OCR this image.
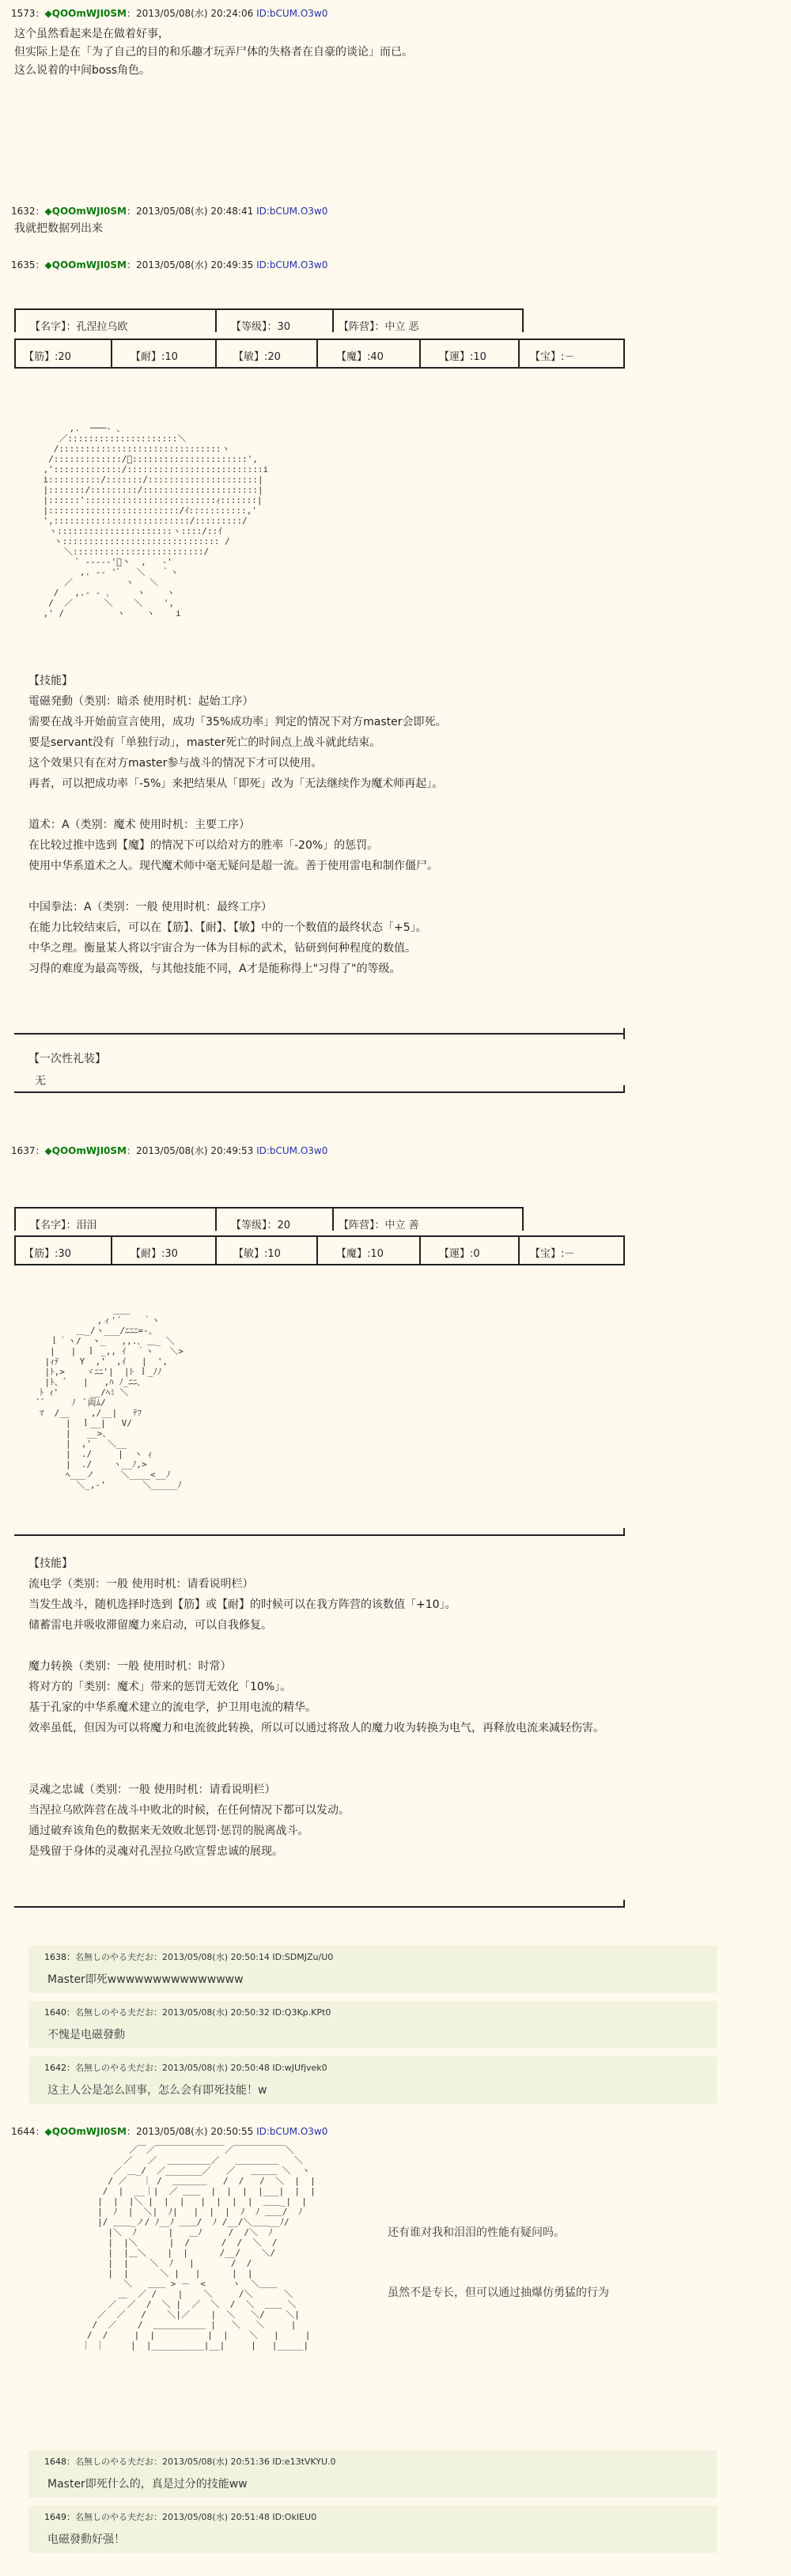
1573：◆QOOmWJI0SM：2013/05/08(水) 20:24:06 ID:bCUM.O3w0
这个虽然看起来是在做着好事，
但实际上是在「为了自己的目的和乐趣才玩弄尸体的失格者在自豪的谈论」而已。
这么说着的中间boss角色。
1632：◆QOOmWJI0SM：2013/05/08(水) 20:48:41 ID:bCUM.O3w0
我就把数据列出来
1635：◆QOOmWJI0SM：2013/05/08(水) 20:49:35 ID:bCUM.O3w0
【名字】：孔涅拉乌欧	【等级】：30	【阵营】：中立 恶
【筋】:20	【耐】:10	【敏】:20	【魔】:40	【運】:10	【宝】:－
,.  ───- 、
／:::::::::::::::::::::＼
/:::::::::::::::::::::::::::::::ヽ
/:::::::::::::/ﾞ::::::::::::::::::::::',
,':::::::::::::/::::::::::::::::::::::::::i
i::::::::::/:::::::/:::::::::::::::::::::|
|:::::::/:::::::::/::::::::::::::::::::::|
|::::::':::::::::::::::::::::::::ｨ:::::::|
|:::::::::::::::::::::::::/ｲ:::::::::::,'
',::::::::::::::::::::::::::/:::::::::/
ヽ::::::::::::::::::::::ヽ::::/::ｲ
ヽ:::::::::::::::::::::::::::::: /
＼:::::::::::::::::::::::::/
` ‐---‐'ﾞ丶  ,   -'
,. -‐ 'ﾞ   ＼   ｀ヽ
／          ヽ   ＼
/   ,.- ‐ ､     ヽ    ヽ
/  ／      ＼    ＼    ',
,' /          ヽ    ヽ    i
【技能】
電磁発動（类别：暗杀 使用时机：起始工序）
需要在战斗开始前宣言使用，成功「35%成功率」判定的情况下对方master会即死。
要是servant没有「单独行动」，master死亡的时间点上战斗就此结束。
这个效果只有在对方master参与战斗的情况下才可以使用。
再者，可以把成功率「-5%」来把结果从「即死」改为「无法继续作为魔术师再起」。
道术：A（类别：魔术 使用时机：主要工序）
在比较过推中选到【魔】的情况下可以给对方的胜率「-20%」的惩罚。
使用中华系道术之人。现代魔术师中毫无疑问是超一流。善于使用雷电和制作僵尸。
中国拳法：A（类别：一般 使用时机：最终工序）
在能力比较结束后，可以在【筋】、【耐】、【敏】中的一个数值的最终状态「+5」。
中华之理。衡量某人将以宇宙合为一体为目标的武术，钻研到何种程度的数值。
习得的难度为最高等级，与其他技能不同，A才是能称得上"习得了"的等级。
【一次性礼装】
无
1637：◆QOOmWJI0SM：2013/05/08(水) 20:49:53 ID:bCUM.O3w0
【名字】：泪泪	【等级】：20	【阵营】：中立 善
【筋】:30	【耐】:30	【敏】:10	【魔】:10	【運】:0	【宝】:－
＿＿
,ィ'´    ｀ヽ
＿_/ヽ___/ﾆﾆﾆ=-、
ｌ｀ヽ/  ヽ_   ,,.､ ＿_ ＼
|   |  ｌ _,, ｲ  ｀ヽ   ＼>
|ｨﾃ    Y  ,'  ,ｲ   |  ',
|ﾄ,>    ヾﾆﾆ'|  |ﾄ ｌ_ﾉﾉ
|ﾄ、ﾞ   |   ,ﾊ ﾉ_ﾆﾆ､
ﾄ ｨ'      __/ﾍﾐ ＼
ﾞﾞ     ﾉ  ﾞ両ﾑ/
ﾏ  /__    ,/__|   ﾃﾌ
|  ｌ__|   V/
|   __>、
|  ,'   ＼__
|  ./     |  ヽ ｨ
|  ./    ヽ__ﾉ,>
ﾍ___ノ     ＼____<__ﾉ
＼_,-'       ＼_____ﾉ
【技能】
流电学（类别：一般 使用时机：请看说明栏）
当发生战斗，随机选择时选到【筋】或【耐】的时候可以在我方阵营的该数值「+10」。
储蓄雷电并吸收滞留魔力来启动，可以自我修复。
魔力转换（类别：一般 使用时机：时常）
将对方的「类别：魔术」带来的惩罚无效化「10%」。
基于孔家的中华系魔术建立的流电学，护卫用电流的精华。
效率虽低，但因为可以将魔力和电流彼此转换，所以可以通过将敌人的魔力收为转换为电气，再释放电流来减轻伤害。
灵魂之忠诚（类别：一般 使用时机：请看说明栏）
当涅拉乌欧阵营在战斗中败北的时候，在任何情况下都可以发动。
通过破弃该角色的数据来无效败北惩罚·惩罚的脱离战斗。
是残留于身体的灵魂对孔涅拉乌欧宣誓忠诚的展现。
1638：名無しのやる夫だお：2013/05/08(水) 20:50:14 ID:SDMJZu/U0
Master即死wwwwwwwwwwwwwww
1640：名無しのやる夫だお：2013/05/08(水) 20:50:32 ID:Q3Kp.KPt0
不愧是电磁發動
1642：名無しのやる夫だお：2013/05/08(水) 20:50:48 ID:wJUfjvek0
这主人公是怎么回事，怎么会有即死技能！w
1644：◆QOOmWJI0SM：2013/05/08(水) 20:50:55 ID:bCUM.O3w0
／￣／￣￣￣￣￣￣￣￣／￣￣￣￣￣￣＼
／   ／  ＿＿＿＿＿／   ＿＿＿＿＿   ＼
／ ＿_/  ／_______／   ／   ＿＿＿ ＼  ヽ
/ ／   ｜ /  ＿＿＿＿   /  /   /  ＼  |  |
/  |  __｜|  ／ ＿＿  |  |  |  |___|  |  |
|  |  |＼ |  |  |   |  |  |  |  ＿＿_|  |
|  ﾉ  |  ＼|  ﾉ|   |  |  |  ﾉ  ﾉ ＿＿/  ﾉ
|/ ＿＿_ノ/ ﾉ__ﾉ ＿＿/  ﾉ /__/＼＿＿__ﾉ/
|＼  ﾉ      |   ＿ﾉ     /  /＼  ﾉ
|  |＼      |  /      /  /  ＼  /
|  |＿＼    |  |      /__/    ＼/
|  |    ＼  ﾉ   |       /  /
|  |      ＼ |   |      |  |
＼   ＿＿ > －  <     ヽ  ＼＿＿
＿  ／ /    |    ＼     /＼      ＼
／  ／  /  ＼ |  ／  ＼  /  ＼  ＿＿ ＼
／  ／   /    ＼|／    |  ＼   ＼/    ＼|
/  ／    /  ＿＿＿＿＿＿ |   ＼   ＼     |
/  /     |  |          |  |    ＼   |     |
｜ ｜     |  |__________|__|     |   |_____|
还有谁对我和泪泪的性能有疑问吗。
虽然不是专长，但可以通过抽爆仿勇猛的行为
1648：名無しのやる夫だお：2013/05/08(水) 20:51:36 ID:e13tVKYU.0
Master即死什么的，真是过分的技能ww
1649：名無しのやる夫だお：2013/05/08(水) 20:51:48 ID:OkIEU0
电磁發動好强！
